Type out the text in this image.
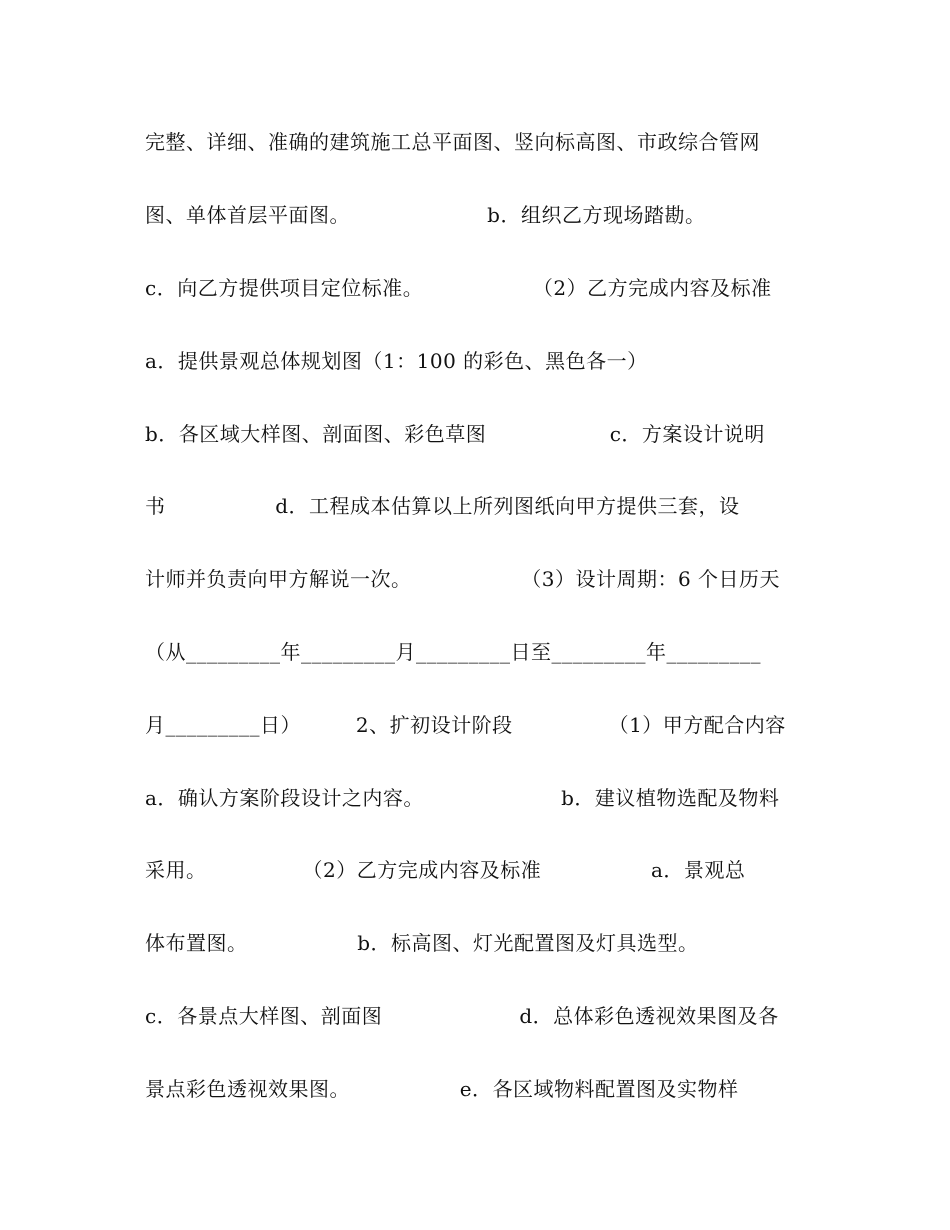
完整、详细、准确的建筑施工总平面图、竖向标高图、市政综合管网
图、单体首层平面图。                    b．组织乙方现场踏勘。
c．向乙方提供项目定位标准。                （2）乙方完成内容及标准
a．提供景观总体规划图（1：100 的彩色、黑色各一）
b．各区域大样图、剖面图、彩色草图                  c．方案设计说明
书                d．工程成本估算以上所列图纸向甲方提供三套，设
计师并负责向甲方解说一次。                （3）设计周期：6 个日历天
（从_________年_________月_________日至_________年_________
月_________日）        2、扩初设计阶段              （1）甲方配合内容
a．确认方案阶段设计之内容。                    b．建议植物选配及物料
采用。              （2）乙方完成内容及标准                a．景观总
体布置图。                b．标高图、灯光配置图及灯具选型。
c．各景点大样图、剖面图                    d．总体彩色透视效果图及各
景点彩色透视效果图。                e．各区域物料配置图及实物样
